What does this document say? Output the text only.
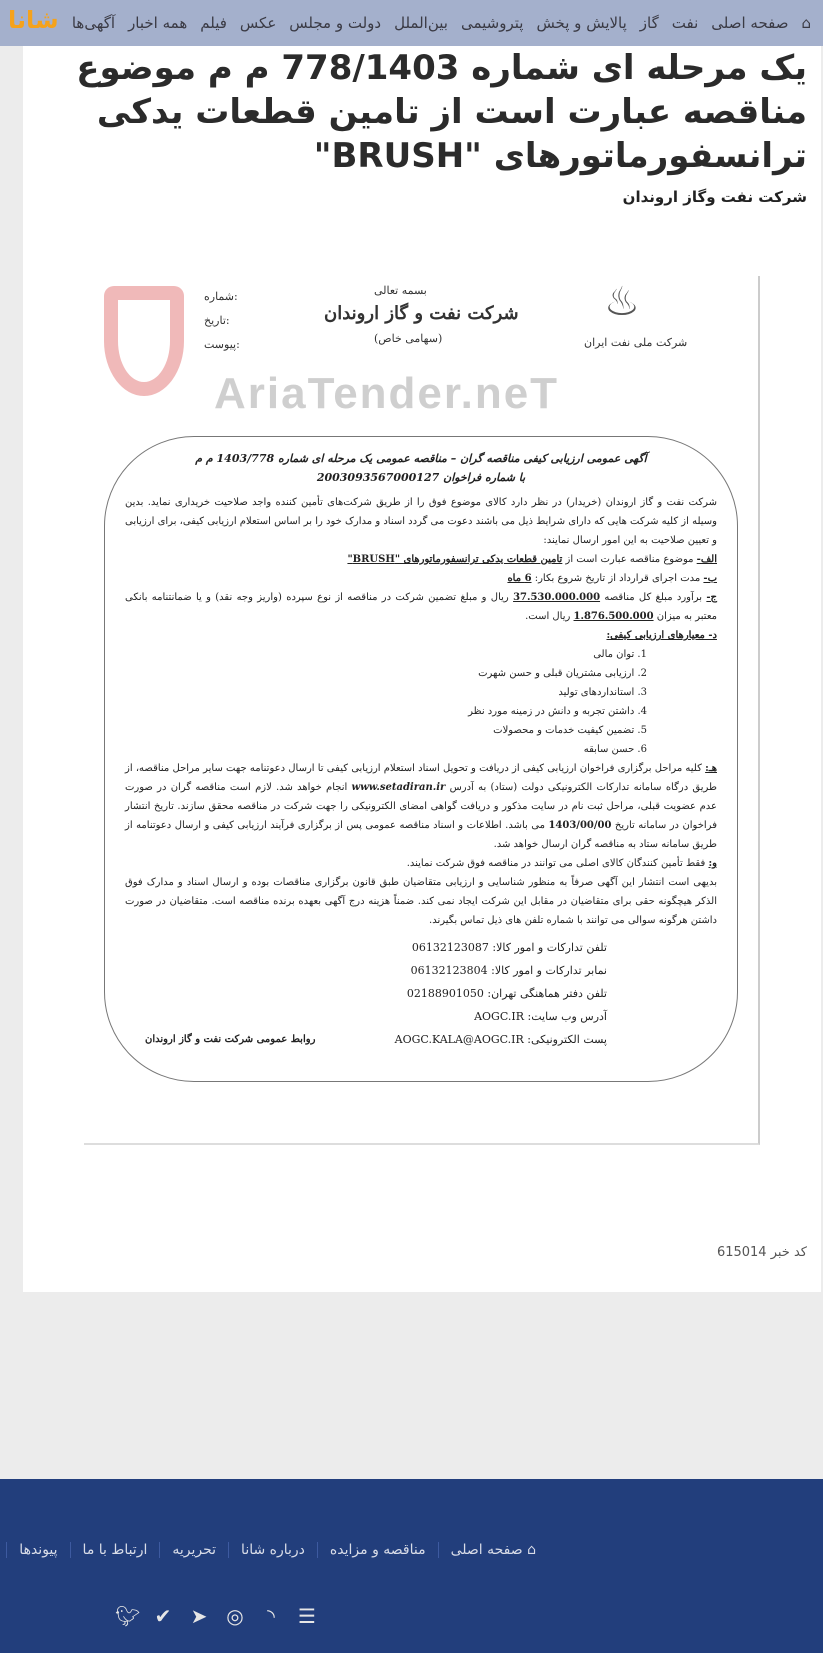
⌂
صفحه اصلی
نفت
گاز
پالایش و پخش
پتروشیمی
بین‌الملل
دولت و مجلس
عکس
فیلم
همه اخبار
آگهی‌ها
شانا
یک مرحله ای شماره 778/1403 م م موضوع مناقصه عبارت است از تامین قطعات یدکی ترانسفورماتورهای "BRUSH"
شرکت نفت وگاز اروندان
شماره:
تاریخ:
پیوست:
بسمه تعالی
شرکت نفت و گاز اروندان
(سهامی خاص)
♨
شرکت ملی نفت ایران
AriaTender.neT
آگهی عمومی ارزیابی کیفی مناقصه گران – مناقصه عمومی یک مرحله ای شماره 1403/778 م م
با شماره فراخوان 2003093567000127

شرکت نفت و گاز اروندان (خریدار) در نظر دارد کالای موضوع فوق را از طریق شرکت‌های تأمین کننده واجد صلاحیت خریداری نماید. بدین وسیله از کلیه شرکت هایی که دارای شرایط ذیل می باشند دعوت می گردد اسناد و مدارک خود را بر اساس استعلام ارزیابی کیفی، برای ارزیابی و تعیین صلاحیت به این امور ارسال نمایند:

الف- موضوع مناقصه عبارت است از تامین قطعات یدکی ترانسفورماتورهای "BRUSH"

ب- مدت اجرای قرارداد از تاریخ شروع بکار: 6 ماه

ج- برآورد مبلغ کل مناقصه 37.530.000.000 ریال و مبلغ تضمین شرکت در مناقصه از نوع سپرده (واریز وجه نقد) و یا ضمانتنامه بانکی معتبر به میزان 1.876.500.000 ریال است.

د- معیارهای ارزیابی کیفی:

1. توان مالی

2. ارزیابی مشتریان قبلی و حسن شهرت

3. استانداردهای تولید

4. داشتن تجربه و دانش در زمینه مورد نظر

5. تضمین کیفیت خدمات و محصولات

6. حسن سابقه

هـ: کلیه مراحل برگزاری فراخوان ارزیابی کیفی از دریافت و تحویل اسناد استعلام ارزیابی کیفی تا ارسال دعوتنامه جهت سایر مراحل مناقصه، از طریق درگاه سامانه تدارکات الکترونیکی دولت (ستاد) به آدرس www.setadiran.ir انجام خواهد شد. لازم است مناقصه گران در صورت عدم عضویت قبلی، مراحل ثبت نام در سایت مذکور و دریافت گواهی امضای الکترونیکی را جهت شرکت در مناقصه محقق سازند. تاریخ انتشار فراخوان در سامانه تاریخ 1403/00/00 می باشد. اطلاعات و اسناد مناقصه عمومی پس از برگزاری فرآیند ارزیابی کیفی و ارسال دعوتنامه از طریق سامانه ستاد به مناقصه گران ارسال خواهد شد.

و: فقط تأمین کنندگان کالای اصلی می توانند در مناقصه فوق شرکت نمایند.

بدیهی است انتشار این آگهی صرفاً به منظور شناسایی و ارزیابی متقاضیان طبق قانون برگزاری مناقصات بوده و ارسال اسناد و مدارک فوق الذکر هیچگونه حقی برای متقاضیان در مقابل این شرکت ایجاد نمی کند. ضمناً هزینه درج آگهی بعهده برنده مناقصه است. متقاضیان در صورت داشتن هرگونه سوالی می توانند با شماره تلفن های ذیل تماس بگیرند.

تلفن تدارکات و امور کالا: 06132123087
نمابر تدارکات و امور کالا: 06132123804
تلفن دفتر هماهنگی تهران: 02188901050
آدرس وب سایت: AOGC.IR
پست الکترونیکی: AOGC.KALA@AOGC.IR
روابط عمومی شرکت نفت و گاز اروندان
کد خبر 615014
⌂ صفحه اصلی
مناقصه و مزایده
درباره شانا
تحریریه
ارتباط با ما
پیوندها
🐦︎ ✔ ➤ ◎	◝	☰
